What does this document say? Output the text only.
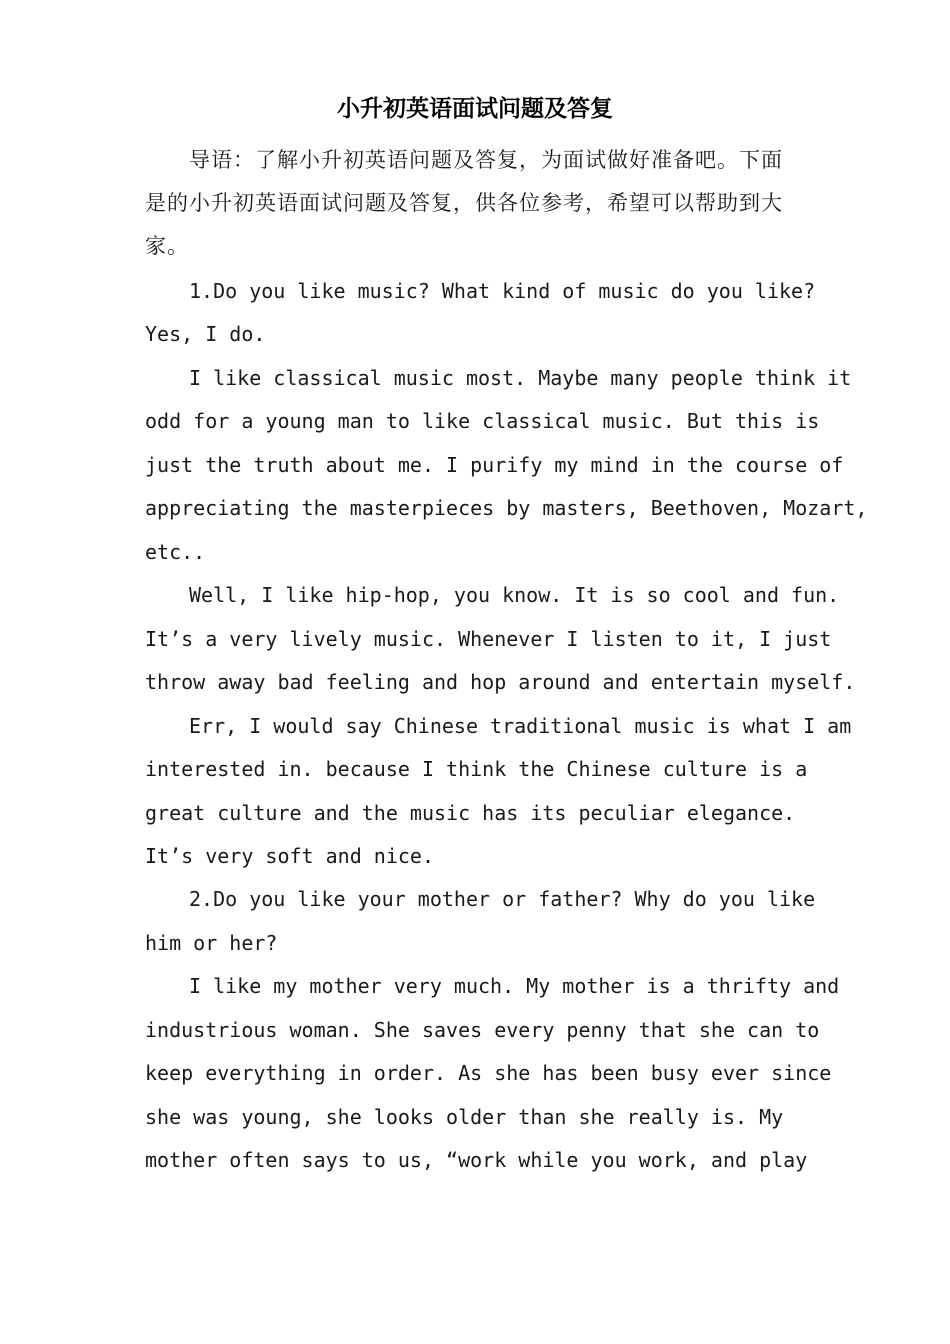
小升初英语面试问题及答复
导语：了解小升初英语问题及答复，为面试做好准备吧。下面
是的小升初英语面试问题及答复，供各位参考，希望可以帮助到大
家。
1.Do you like music? What kind of music do you like?
Yes, I do.
I like classical music most. Maybe many people think it
odd for a young man to like classical music. But this is
just the truth about me. I purify my mind in the course of
appreciating the masterpieces by masters, Beethoven, Mozart,
etc..
Well, I like hip-hop, you know. It is so cool and fun.
It’s a very lively music. Whenever I listen to it, I just
throw away bad feeling and hop around and entertain myself.
Err, I would say Chinese traditional music is what I am
interested in. because I think the Chinese culture is a
great culture and the music has its peculiar elegance.
It’s very soft and nice.
2.Do you like your mother or father? Why do you like
him or her?
I like my mother very much. My mother is a thrifty and
industrious woman. She saves every penny that she can to
keep everything in order. As she has been busy ever since
she was young, she looks older than she really is. My
mother often says to us, “work while you work, and play
